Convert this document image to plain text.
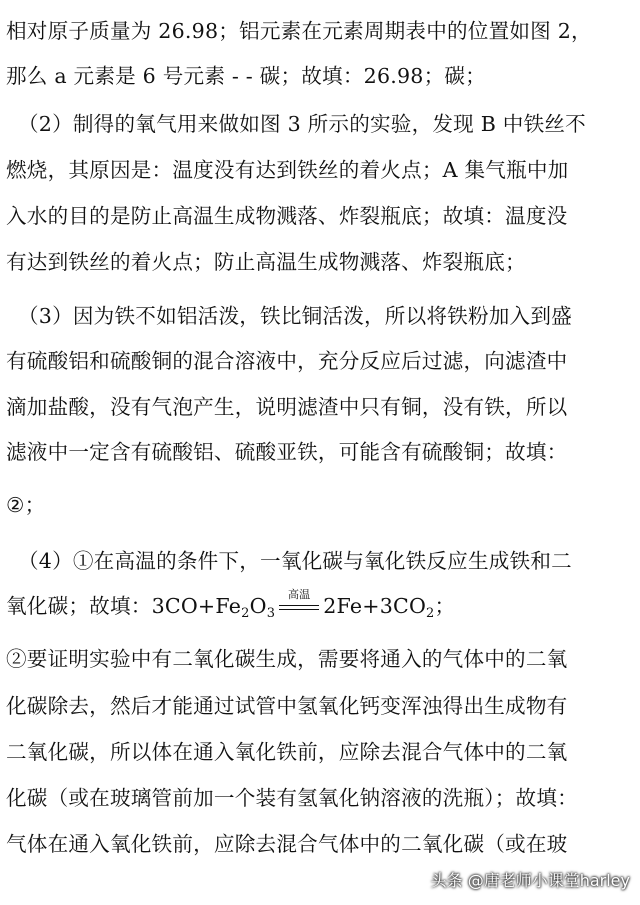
相对原子质量为 26.98；铝元素在元素周期表中的位置如图 2，
那么 a 元素是 6 号元素 - - 碳；故填：26.98；碳；
（2）制得的氧气用来做如图 3 所示的实验，发现 B 中铁丝不
燃烧，其原因是：温度没有达到铁丝的着火点；A 集气瓶中加
入水的目的是防止高温生成物溅落、炸裂瓶底；故填：温度没
有达到铁丝的着火点；防止高温生成物溅落、炸裂瓶底；
（3）因为铁不如铝活泼，铁比铜活泼，所以将铁粉加入到盛
有硫酸铝和硫酸铜的混合溶液中，充分反应后过滤，向滤渣中
滴加盐酸，没有气泡产生，说明滤渣中只有铜，没有铁，所以
滤液中一定含有硫酸铝、硫酸亚铁，可能含有硫酸铜；故填：
②；
（4）①在高温的条件下，一氧化碳与氧化铁反应生成铁和二
氧化碳；故填：$3CO+Fe_2O_3$
高温 $2Fe+3CO_2$；
②要证明实验中有二氧化碳生成，需要将通入的气体中的二氧
化碳除去，然后才能通过试管中氢氧化钙变浑浊得出生成物有
二氧化碳，所以体在通入氧化铁前，应除去混合气体中的二氧
化碳（或在玻璃管前加一个装有氢氧化钠溶液的洗瓶）；故填：
气体在通入氧化铁前，应除去混合气体中的二氧化碳（或在玻
头条 @唐老师小课堂harley
